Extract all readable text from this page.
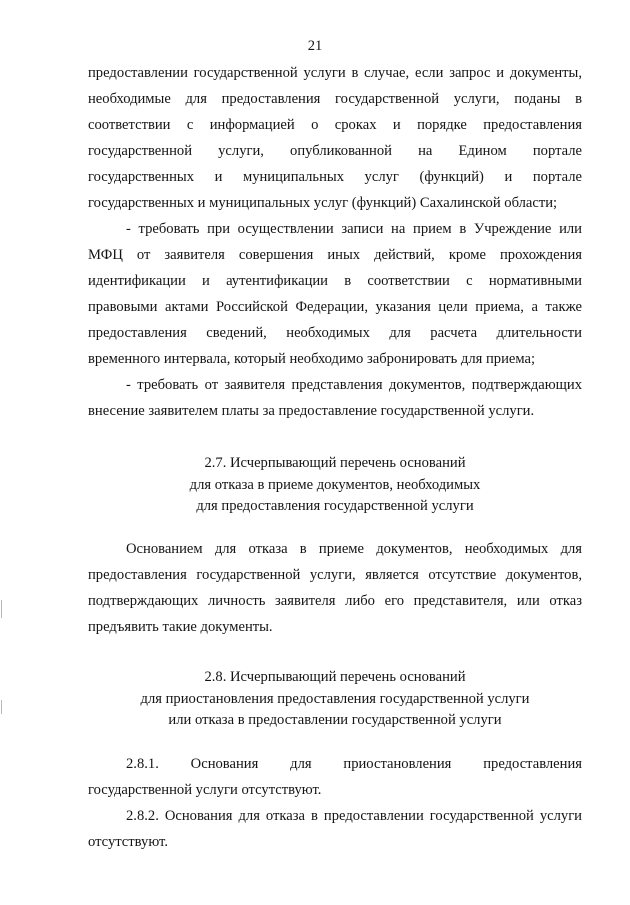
21
предоставлении государственной услуги в случае, если запрос и документы,
необходимые для предоставления государственной услуги, поданы в
соответствии с информацией о сроках и порядке предоставления
государственной услуги, опубликованной на Едином портале
государственных и муниципальных услуг (функций) и портале
государственных и муниципальных услуг (функций) Сахалинской области;
- требовать при осуществлении записи на прием в Учреждение или
МФЦ от заявителя совершения иных действий, кроме прохождения
идентификации и аутентификации в соответствии с нормативными
правовыми актами Российской Федерации, указания цели приема, а также
предоставления сведений, необходимых для расчета длительности
временного интервала, который необходимо забронировать для приема;
- требовать от заявителя представления документов, подтверждающих
внесение заявителем платы за предоставление государственной услуги.
2.7. Исчерпывающий перечень оснований
для отказа в приеме документов, необходимых
для предоставления государственной услуги
Основанием для отказа в приеме документов, необходимых для
предоставления государственной услуги, является отсутствие документов,
подтверждающих личность заявителя либо его представителя, или отказ
предъявить такие документы.
2.8. Исчерпывающий перечень оснований
для приостановления предоставления государственной услуги
или отказа в предоставлении государственной услуги
2.8.1. Основания для приостановления предоставления
государственной услуги отсутствуют.
2.8.2. Основания для отказа в предоставлении государственной услуги
отсутствуют.
